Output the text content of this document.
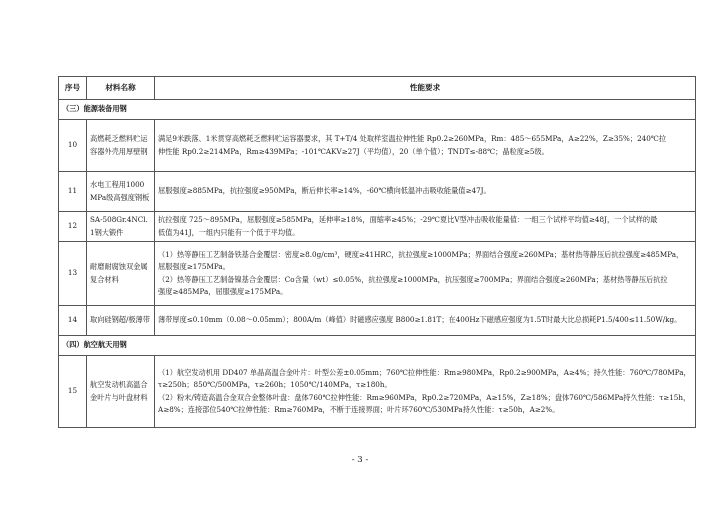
序号	材料名称	性能要求
（三）能源装备用钢		
10	高燃耗乏燃料贮运容器外壳用厚壁钢	满足9米跌落、1米贯穿高燃耗乏燃料贮运容器要求，其 T+T/4 处取样室温拉伸性能 Rp0.2≥260MPa，Rm：485～655MPa，A≥22%，Z≥35%；240℃拉
伸性能 Rp0.2≥214MPa，Rm≥439MPa；-101℃AKV≥27J（平均值），20（单个值）；TNDT≤-88℃；晶粒度≥5级。

11	水电工程用1000MPa级高强度钢板	屈服强度≥885MPa，抗拉强度≥950MPa，断后伸长率≥14%，-60℃横向低温冲击吸收能量值≥47J。

12	SA-508Gr.4NCl.1钢大锻件	抗拉强度 725～895MPa，屈服强度≥585MPa，延伸率≥18%，面缩率≥45%；-29℃夏比V型冲击吸收能量值：一组三个试样平均值≥48J，一个试样的最
低值为41J，一组内只能有一个低于平均值。

13	耐磨耐腐蚀双金属复合材料	（1）热等静压工艺制备铁基合金覆层：密度≥8.0g/cm³，硬度≥41HRC，抗拉强度≥1000MPa；界面结合强度≥260MPa；基材热等静压后抗拉强度≥485MPa，
屈服强度≥175MPa。
（2）热等静压工艺制备镍基合金覆层：Co含量（wt）≤0.05%，抗拉强度≥1000MPa，抗压强度≥700MPa；界面结合强度≥260MPa；基材热等静压后抗拉
强度≥485MPa，屈服强度≥175MPa。

14	取向硅钢超/极薄带	薄带厚度≤0.10mm（0.08～0.05mm）；800A/m（峰值）时磁感应强度 B800≥1.81T；在400Hz下磁感应强度为1.5T时最大比总损耗P1.5/400≤11.50W/kg。

（四）航空航天用钢		
15	航空发动机高温合金叶片与叶盘材料	（1）航空发动机用 DD407 单晶高温合金叶片：叶型公差±0.05mm；760℃拉伸性能：Rm≥980MPa，Rp0.2≥900MPa，A≥4%；持久性能：760℃/780MPa，
τ≥250h；850℃/500MPa，τ≥260h；1050℃/140MPa，τ≥180h。
（2）粉末/铸造高温合金双合金整体叶盘：盘体760℃拉伸性能：Rm≥960MPa，Rp0.2≥720MPa，A≥15%，Z≥18%；盘体760℃/586MPa持久性能：τ≥15h，
A≥8%；连接部位540℃拉伸性能：Rm≥760MPa，不断于连接界面；叶片环760℃/530MPa持久性能：τ≥50h，A≥2%。
- 3 -
